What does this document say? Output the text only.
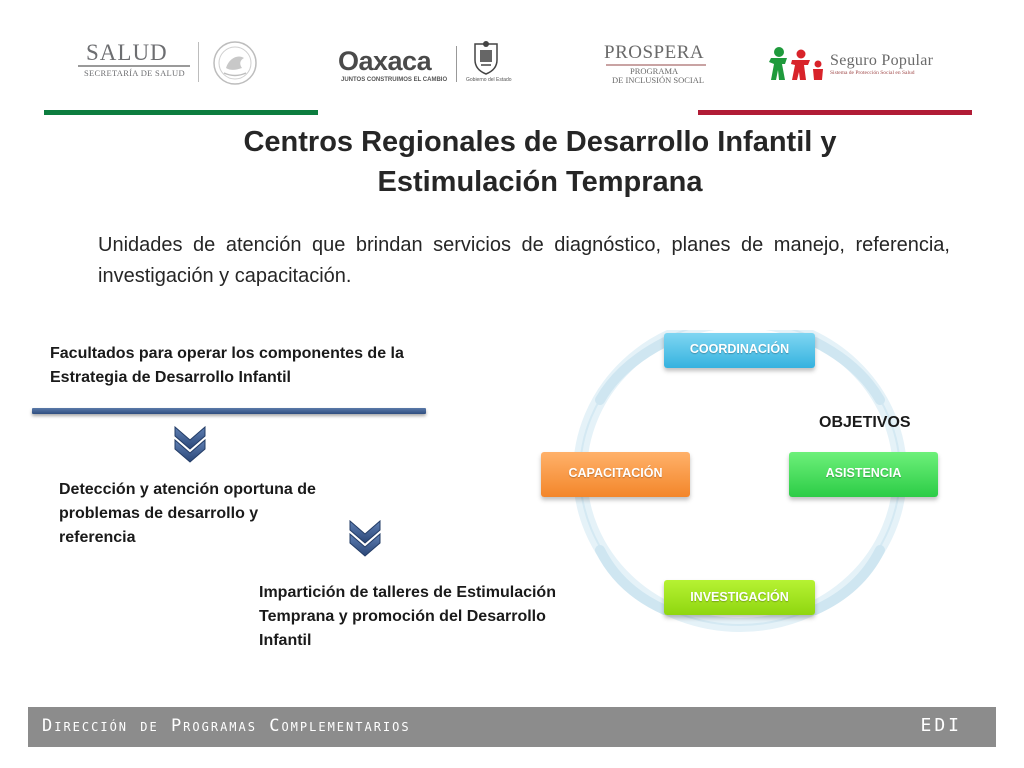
SALUD
SECRETARÍA DE SALUD	Oaxaca
JUNTOS CONSTRUIMOS EL CAMBIO	Gobierno del Estado
PROSPERA
PROGRAMA
DE INCLUSIÓN SOCIAL
Seguro Popular
Sistema de Protección Social en Salud
Centros Regionales de Desarrollo Infantil y Estimulación Temprana
Unidades de atención que brindan servicios de diagnóstico, planes de manejo, referencia, investigación y capacitación.
Facultados para operar los componentes de la Estrategia de Desarrollo Infantil
Detección y atención oportuna de problemas de desarrollo y referencia
Impartición de talleres de Estimulación Temprana y promoción del Desarrollo Infantil
OBJETIVOS
COORDINACIÓN
CAPACITACIÓN	ASISTENCIA
INVESTIGACIÓN
Dirección de Programas Complementarios	EDI
